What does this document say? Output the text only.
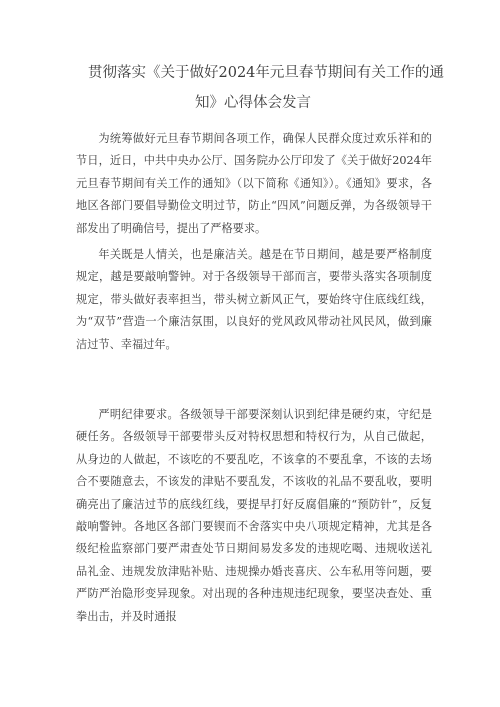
贯彻落实《关于做好2024年元旦春节期间有关工作的通
知》心得体会发言

为统筹做好元旦春节期间各项工作，确保人民群众度过欢乐祥和的节日，近日，中共中央办公厅、国务院办公厅印发了《关于做好2024年元旦春节期间有关工作的通知》（以下简称《通知》）。《通知》要求，各地区各部门要倡导勤俭文明过节，防止“四风”问题反弹，为各级领导干部发出了明确信号，提出了严格要求。

年关既是人情关，也是廉洁关。越是在节日期间，越是要严格制度规定，越是要敲响警钟。对于各级领导干部而言，要带头落实各项制度规定，带头做好表率担当，带头树立新风正气，要始终守住底线红线，为“双节”营造一个廉洁氛围，以良好的党风政风带动社风民风，做到廉洁过节、幸福过年。

严明纪律要求。各级领导干部要深刻认识到纪律是硬约束，守纪是硬任务。各级领导干部要带头反对特权思想和特权行为，从自己做起，从身边的人做起，不该吃的不要乱吃，不该拿的不要乱拿，不该的去场合不要随意去，不该发的津贴不要乱发，不该收的礼品不要乱收，要明确亮出了廉洁过节的底线红线，要提早打好反腐倡廉的“预防针”，反复敲响警钟。各地区各部门要锲而不舍落实中央八项规定精神，尤其是各级纪检监察部门要严肃查处节日期间易发多发的违规吃喝、违规收送礼品礼金、违规发放津贴补贴、违规操办婚丧喜庆、公车私用等问题，要严防严治隐形变异现象。对出现的各种违规违纪现象，要坚决查处、重拳出击，并及时通报
